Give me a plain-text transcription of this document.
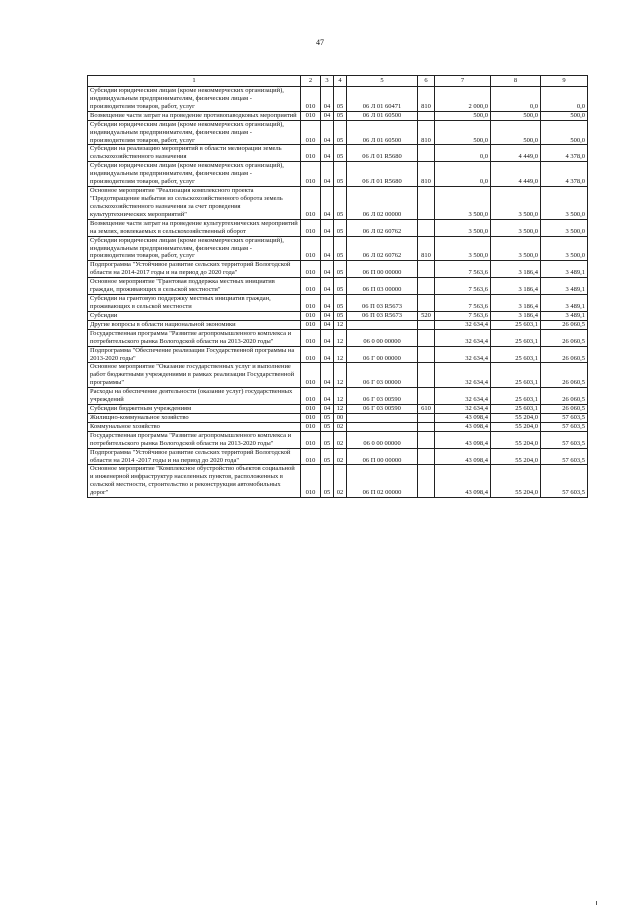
47
1	2	3	4	5	6	7	8	9
Субсидии юридическим лицам (кроме некоммерческих организаций), индивидуальным предпринимателям, физическим лицам - производителям товаров, работ, услуг	010	04	05	06 Л 01 60471	810	2 000,0	0,0	0,0
Возмещение части затрат на проведение противопаводковых мероприятий	010	04	05	06 Л 01 60500		500,0	500,0	500,0
Субсидии юридическим лицам (кроме некоммерческих организаций), индивидуальным предпринимателям, физическим лицам - производителям товаров, работ, услуг	010	04	05	06 Л 01 60500	810	500,0	500,0	500,0
Субсидии на реализацию мероприятий в области мелиорации земель сельскохозяйственного назначения	010	04	05	06 Л 01 R5680		0,0	4 449,0	4 378,0
Субсидии юридическим лицам (кроме некоммерческих организаций), индивидуальным предпринимателям, физическим лицам - производителям товаров, работ, услуг	010	04	05	06 Л 01 R5680	810	0,0	4 449,0	4 378,0
Основное мероприятие "Реализация комплексного проекта "Предотвращение выбытия из сельскохозяйственного оборота земель сельскохозяйственного назначения за счет проведения культуртехнических мероприятий"	010	04	05	06 Л 02 00000		3 500,0	3 500,0	3 500,0
Возмещение части затрат на проведение культуртехнических мероприятий на землях, вовлекаемых в сельскохозяйственный оборот	010	04	05	06 Л 02 60762		3 500,0	3 500,0	3 500,0
Субсидии юридическим лицам (кроме некоммерческих организаций), индивидуальным предпринимателям, физическим лицам - производителям товаров, работ, услуг	010	04	05	06 Л 02 60762	810	3 500,0	3 500,0	3 500,0
Подпрограмма "Устойчивое развитие сельских территорий Вологодской области на 2014-2017 годы и на период до 2020 года"	010	04	05	06 П 00 00000		7 563,6	3 186,4	3 489,1
Основное мероприятие "Грантовая поддержка местных инициатив граждан, проживающих в сельской местности"	010	04	05	06 П 03 00000		7 563,6	3 186,4	3 489,1
Субсидии на грантовую поддержку местных инициатив граждан, проживающих в сельской местности	010	04	05	06 П 03 R5673		7 563,6	3 186,4	3 489,1
Субсидии	010	04	05	06 П 03 R5673	520	7 563,6	3 186,4	3 489,1
Другие вопросы в области национальной экономики	010	04	12			32 634,4	25 603,1	26 060,5
Государственная программа "Развитие агропромышленного комплекса и потребительского рынка Вологодской области на 2013-2020 годы"	010	04	12	06 0 00 00000		32 634,4	25 603,1	26 060,5
Подпрограмма "Обеспечение реализации Государственной программы на 2013-2020 годы"	010	04	12	06 Г 00 00000		32 634,4	25 603,1	26 060,5
Основное мероприятие "Оказание государственных услуг и выполнение работ бюджетными учреждениями в рамках реализации Государственной программы"	010	04	12	06 Г 03 00000		32 634,4	25 603,1	26 060,5
Расходы на обеспечение деятельности (оказание услуг) государственных учреждений	010	04	12	06 Г 03 00590		32 634,4	25 603,1	26 060,5
Субсидии бюджетным учреждениям	010	04	12	06 Г 03 00590	610	32 634,4	25 603,1	26 060,5
Жилищно-коммунальное хозяйство	010	05	00			43 098,4	55 204,0	57 603,5
Коммунальное хозяйство	010	05	02			43 098,4	55 204,0	57 603,5
Государственная программа "Развитие агропромышленного комплекса и потребительского рынка Вологодской области на 2013-2020 годы"	010	05	02	06 0 00 00000		43 098,4	55 204,0	57 603,5
Подпрограмма "Устойчивое развитие сельских территорий Вологодской области на 2014 -2017 годы и на период до 2020 года"	010	05	02	06 П 00 00000		43 098,4	55 204,0	57 603,5
Основное мероприятие "Комплексное обустройство объектов социальной и инженерной инфраструктур населенных пунктов, расположенных в сельской местности, строительство и реконструкция автомобильных дорог"	010	05	02	06 П 02 00000		43 098,4	55 204,0	57 603,5
